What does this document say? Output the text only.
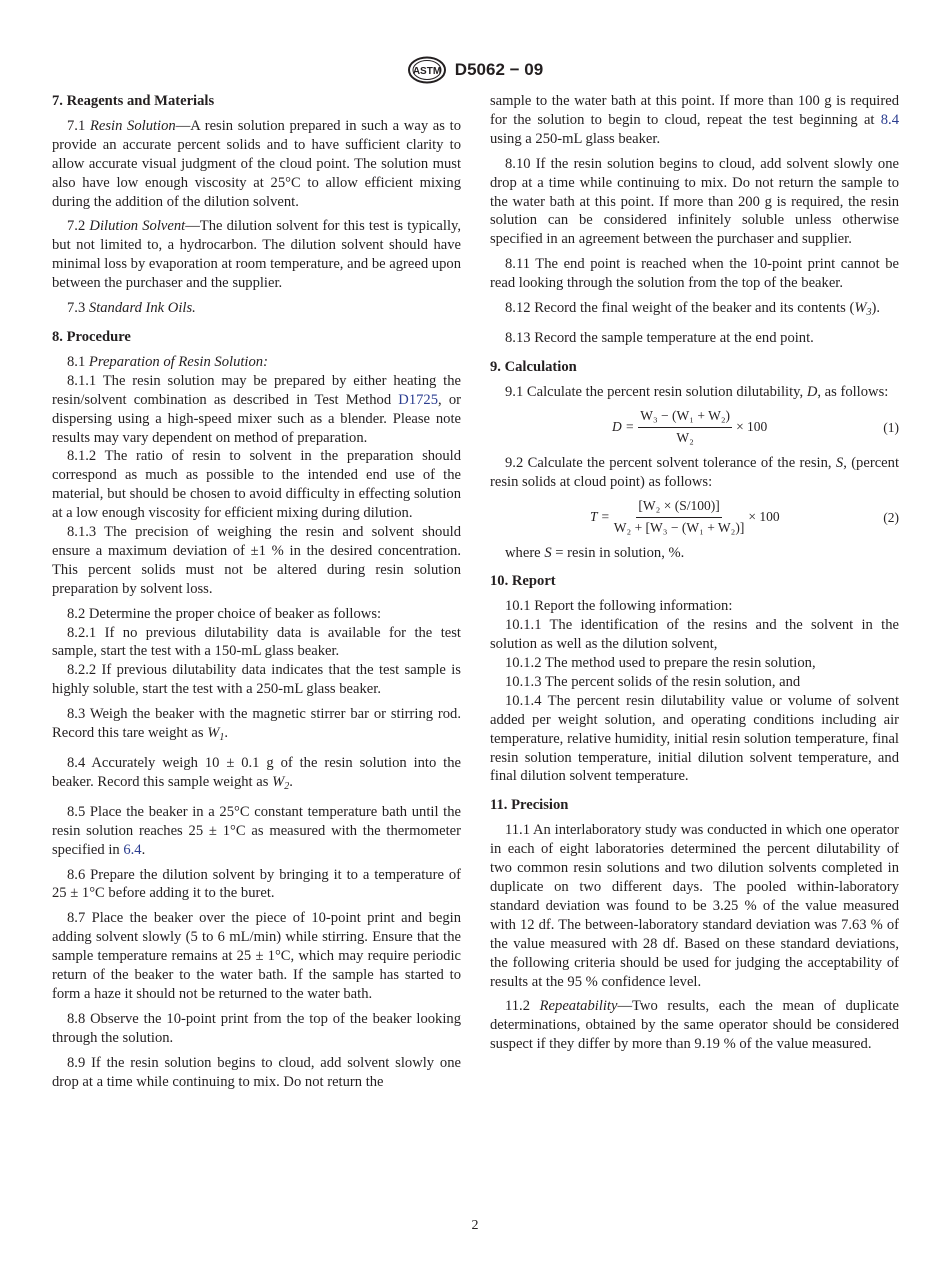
ASTM D5062 − 09
7. Reagents and Materials

7.1 Resin Solution—A resin solution prepared in such a way as to provide an accurate percent solids and to have sufficient clarity to allow accurate visual judgment of the cloud point. The solution must also have low enough viscosity at 25°C to allow efficient mixing during the addition of the dilution solvent.

7.2 Dilution Solvent—The dilution solvent for this test is typically, but not limited to, a hydrocarbon. The dilution solvent should have minimal loss by evaporation at room temperature, and be agreed upon between the purchaser and the supplier.

7.3 Standard Ink Oils.

8. Procedure

8.1 Preparation of Resin Solution:

8.1.1 The resin solution may be prepared by either heating the resin/solvent combination as described in Test Method D1725, or dispersing using a high-speed mixer such as a blender. Please note results may vary dependent on method of preparation.

8.1.2 The ratio of resin to solvent in the preparation should correspond as much as possible to the intended end use of the material, but should be chosen to avoid difficulty in effecting solution at a low enough viscosity for efficient mixing during dilution.

8.1.3 The precision of weighing the resin and solvent should ensure a maximum deviation of ±1 % in the desired concentration. This percent solids must not be altered during resin solution preparation by solvent loss.

8.2 Determine the proper choice of beaker as follows:

8.2.1 If no previous dilutability data is available for the test sample, start the test with a 150-mL glass beaker.

8.2.2 If previous dilutability data indicates that the test sample is highly soluble, start the test with a 250-mL glass beaker.

8.3 Weigh the beaker with the magnetic stirrer bar or stirring rod. Record this tare weight as $W_1$.

8.4 Accurately weigh 10 ± 0.1 g of the resin solution into the beaker. Record this sample weight as $W_2$.

8.5 Place the beaker in a 25°C constant temperature bath until the resin solution reaches 25 ± 1°C as measured with the thermometer specified in 6.4.

8.6 Prepare the dilution solvent by bringing it to a temperature of 25 ± 1°C before adding it to the buret.

8.7 Place the beaker over the piece of 10-point print and begin adding solvent slowly (5 to 6 mL/min) while stirring. Ensure that the sample temperature remains at 25 ± 1°C, which may require periodic return of the beaker to the water bath. If the sample has started to form a haze it should not be returned to the water bath.

8.8 Observe the 10-point print from the top of the beaker looking through the solution.

8.9 If the resin solution begins to cloud, add solvent slowly one drop at a time while continuing to mix. Do not return the

sample to the water bath at this point. If more than 100 g is required for the solution to begin to cloud, repeat the test beginning at 8.4 using a 250-mL glass beaker.

8.10 If the resin solution begins to cloud, add solvent slowly one drop at a time while continuing to mix. Do not return the sample to the water bath at this point. If more than 200 g is required, the resin solution can be considered infinitely soluble unless otherwise specified in an agreement between the purchaser and supplier.

8.11 The end point is reached when the 10-point print cannot be read looking through the solution from the top of the beaker.

8.12 Record the final weight of the beaker and its contents $(W_3)$.

8.13 Record the sample temperature at the end point.

9. Calculation

9.1 Calculate the percent resin solution dilutability, D, as follows:

$D = \frac{\text{W₃ − (W₁ + W₂)}}{\text{W₂}} \times 100$	(1)

9.2 Calculate the percent solvent tolerance of the resin, S, (percent resin solids at cloud point) as follows:

$T = \frac{\text{[W₂ × (S/100)]}}{\text{W₂ + [W₃ − (W₁ + W₂)]}} \times 100$	(2)

where S = resin in solution, %.

10. Report

10.1 Report the following information:

10.1.1 The identification of the resins and the solvent in the solution as well as the dilution solvent,

10.1.2 The method used to prepare the resin solution,

10.1.3 The percent solids of the resin solution, and

10.1.4 The percent resin dilutability value or volume of solvent added per weight solution, and operating conditions including air temperature, relative humidity, initial resin solution temperature, final resin solution temperature, initial dilution solvent temperature, and final dilution solvent temperature.

11. Precision

11.1 An interlaboratory study was conducted in which one operator in each of eight laboratories determined the percent dilutability of two common resin solutions and two dilution solvents completed in duplicate on two different days. The pooled within-laboratory standard deviation was found to be 3.25 % of the value measured with 12 df. The between-laboratory standard deviation was 7.63 % of the value measured with 28 df. Based on these standard deviations, the following criteria should be used for judging the acceptability of results at the 95 % confidence level.

11.2 Repeatability—Two results, each the mean of duplicate determinations, obtained by the same operator should be considered suspect if they differ by more than 9.19 % of the value measured.

2
